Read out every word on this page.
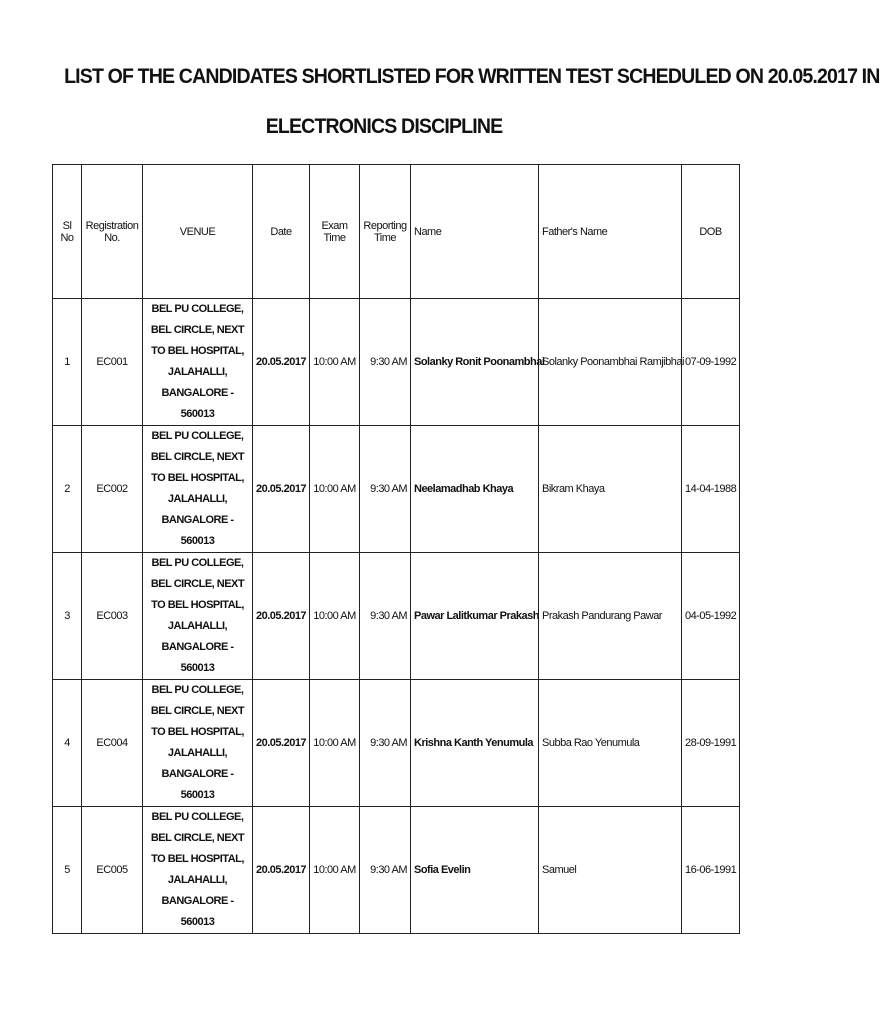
LIST OF THE CANDIDATES SHORTLISTED FOR WRITTEN TEST SCHEDULED ON 20.05.2017 IN
ELECTRONICS DISCIPLINE
Sl No	Registration No.	VENUE	Date	Exam Time	Reporting Time	Name	Father's Name	DOB
1	EC001	BEL PU COLLEGE, BEL CIRCLE, NEXT TO BEL HOSPITAL, JALAHALLI, BANGALORE - 560013	20.05.2017	10:00 AM	9:30 AM	Solanky Ronit Poonambhai	Solanky Poonambhai Ramjibhai	07-09-1992
2	EC002	BEL PU COLLEGE, BEL CIRCLE, NEXT TO BEL HOSPITAL, JALAHALLI, BANGALORE - 560013	20.05.2017	10:00 AM	9:30 AM	Neelamadhab Khaya	Bikram Khaya	14-04-1988
3	EC003	BEL PU COLLEGE, BEL CIRCLE, NEXT TO BEL HOSPITAL, JALAHALLI, BANGALORE - 560013	20.05.2017	10:00 AM	9:30 AM	Pawar Lalitkumar Prakash	Prakash Pandurang Pawar	04-05-1992
4	EC004	BEL PU COLLEGE, BEL CIRCLE, NEXT TO BEL HOSPITAL, JALAHALLI, BANGALORE - 560013	20.05.2017	10:00 AM	9:30 AM	Krishna Kanth Yenumula	Subba Rao Yenumula	28-09-1991
5	EC005	BEL PU COLLEGE, BEL CIRCLE, NEXT TO BEL HOSPITAL, JALAHALLI, BANGALORE - 560013	20.05.2017	10:00 AM	9:30 AM	Sofia Evelin	Samuel	16-06-1991
